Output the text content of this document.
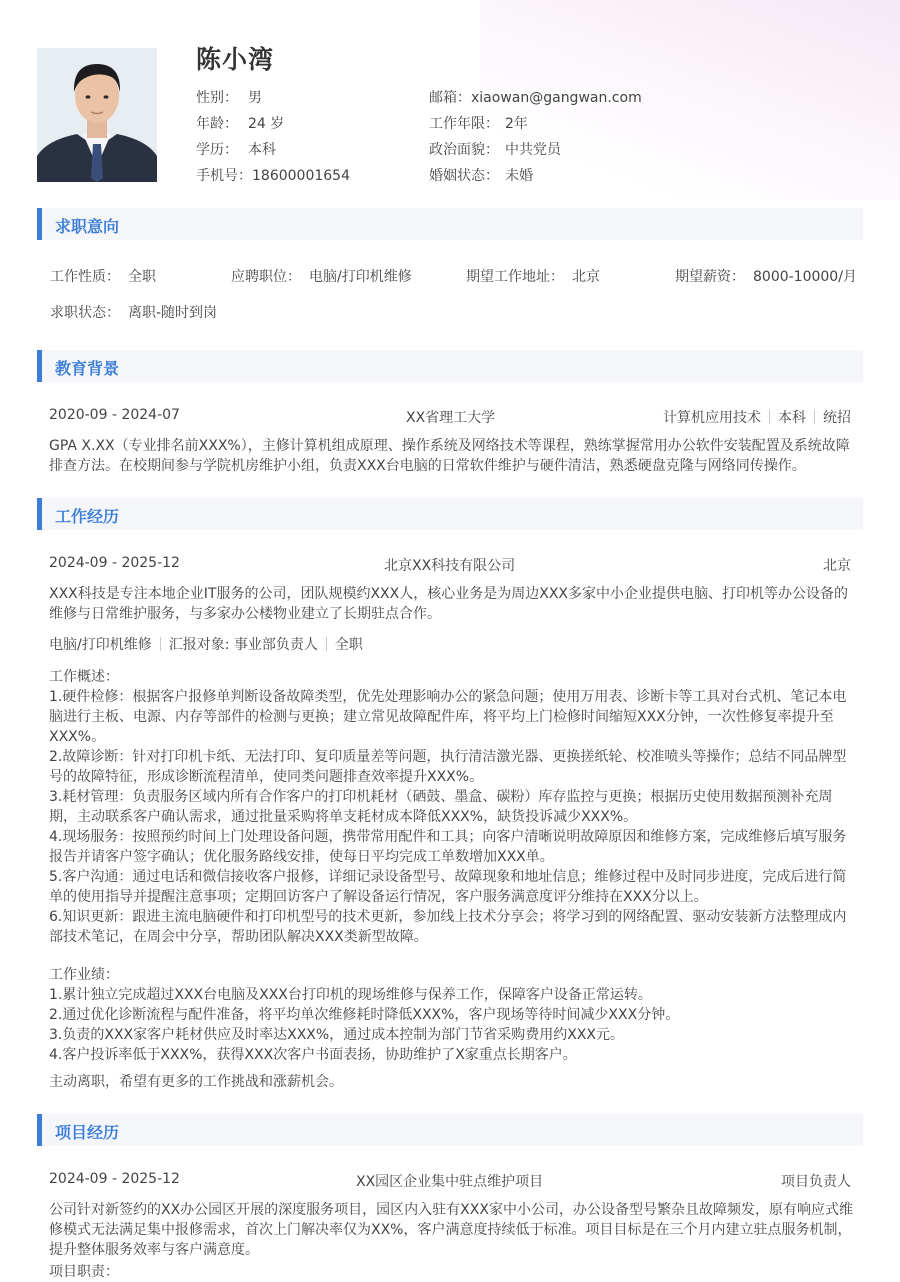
陈小湾
性别： 男
年龄： 24 岁
学历： 本科
手机号：18600001654
邮箱：xiaowan@gangwan.com
工作年限： 2年
政治面貌： 中共党员
婚姻状态： 未婚
求职意向
工作性质： 全职	应聘职位： 电脑/打印机维修	期望工作地址： 北京	期望薪资： 8000-10000/月
求职状态： 离职-随时到岗
教育背景
2020-09 - 2024-07	XX省理工大学	计算机应用技术 本科 统招
GPA X.XX（专业排名前XXX%），主修计算机组成原理、操作系统及网络技术等课程，熟练掌握常用办公软件安装配置及系统故障排查方法。在校期间参与学院机房维护小组，负责XXX台电脑的日常软件维护与硬件清洁，熟悉硬盘克隆与网络同传操作。
工作经历
2024-09 - 2025-12	北京XX科技有限公司	北京
XXX科技是专注本地企业IT服务的公司，团队规模约XXX人，核心业务是为周边XXX多家中小企业提供电脑、打印机等办公设备的维修与日常维护服务，与多家办公楼物业建立了长期驻点合作。
电脑/打印机维修 汇报对象: 事业部负责人 全职
工作概述：
1.硬件检修：根据客户报修单判断设备故障类型，优先处理影响办公的紧急问题；使用万用表、诊断卡等工具对台式机、笔记本电脑进行主板、电源、内存等部件的检测与更换；建立常见故障配件库，将平均上门检修时间缩短XXX分钟，一次性修复率提升至XXX%。
2.故障诊断：针对打印机卡纸、无法打印、复印质量差等问题，执行清洁激光器、更换搓纸轮、校准喷头等操作；总结不同品牌型号的故障特征，形成诊断流程清单，使同类问题排查效率提升XXX%。
3.耗材管理：负责服务区域内所有合作客户的打印机耗材（硒鼓、墨盒、碳粉）库存监控与更换；根据历史使用数据预测补充周期，主动联系客户确认需求，通过批量采购将单支耗材成本降低XXX%，缺货投诉减少XXX%。
4.现场服务：按照预约时间上门处理设备问题，携带常用配件和工具；向客户清晰说明故障原因和维修方案，完成维修后填写服务报告并请客户签字确认；优化服务路线安排，使每日平均完成工单数增加XXX单。
5.客户沟通：通过电话和微信接收客户报修，详细记录设备型号、故障现象和地址信息；维修过程中及时同步进度，完成后进行简单的使用指导并提醒注意事项；定期回访客户了解设备运行情况，客户服务满意度评分维持在XXX分以上。
6.知识更新：跟进主流电脑硬件和打印机型号的技术更新，参加线上技术分享会；将学习到的网络配置、驱动安装新方法整理成内部技术笔记，在周会中分享，帮助团队解决XXX类新型故障。
工作业绩：
1.累计独立完成超过XXX台电脑及XXX台打印机的现场维修与保养工作，保障客户设备正常运转。
2.通过优化诊断流程与配件准备，将平均单次维修耗时降低XXX%，客户现场等待时间减少XXX分钟。
3.负责的XXX家客户耗材供应及时率达XXX%，通过成本控制为部门节省采购费用约XXX元。
4.客户投诉率低于XXX%，获得XXX次客户书面表扬，协助维护了X家重点长期客户。
主动离职，希望有更多的工作挑战和涨薪机会。
项目经历
2024-09 - 2025-12	XX园区企业集中驻点维护项目	项目负责人
公司针对新签约的XX办公园区开展的深度服务项目，园区内入驻有XXX家中小公司，办公设备型号繁杂且故障频发，原有响应式维修模式无法满足集中报修需求，首次上门解决率仅为XX%，客户满意度持续低于标准。项目目标是在三个月内建立驻点服务机制，提升整体服务效率与客户满意度。
项目职责：
